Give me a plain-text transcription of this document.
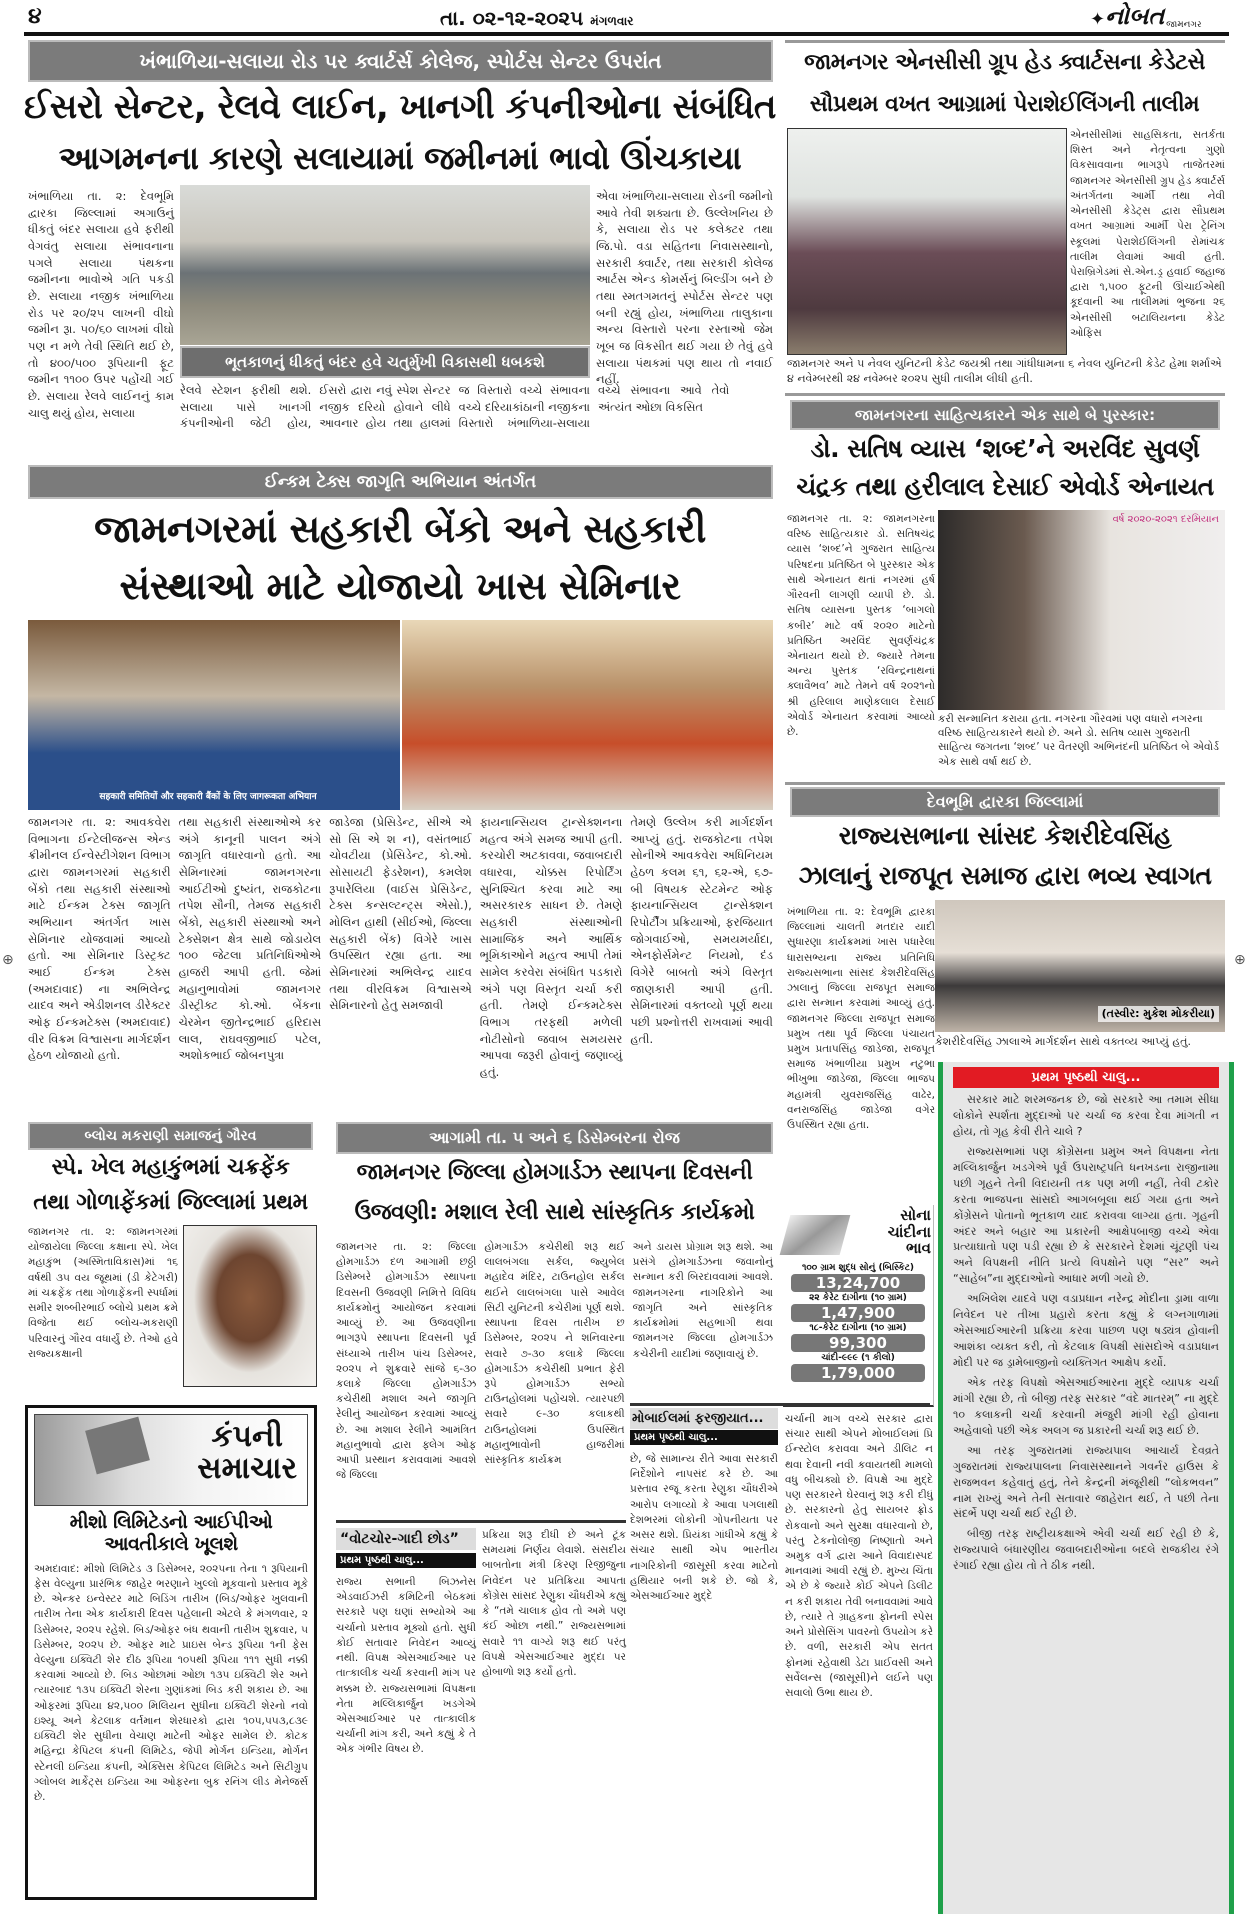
૪	તા. ૦૨-૧૨-૨૦૨૫ મંગળવાર	✦ નોબત જામનગર
ખંભાળિયા-સલાયા રોડ પર ક્વાર્ટર્સ કોલેજ, સ્પોર્ટસ સેન્ટર ઉપરાંત
ઈસરો સેન્ટર, રેલવે લાઈન, ખાનગી કંપનીઓના સંબંધિત
આગમનના કારણે સલાયામાં જમીનમાં ભાવો ઊંચકાયા
ખંભાળિયા તા. ૨: દેવભૂમિ દ્વારકા જિલ્લામાં અગાઉનું ધીકતું બંદર સલાયા હવે ફરીથી વેગવંતુ સલાયા સંભાવનાના પગલે સલાયા પંથકના જમીનના ભાવોએ ગતિ પકડી છે. સલાયા નજીક ખંભાળિયા રોડ પર ૨૦/૨૫ લાખની વીઘો જમીન રૂા. ૫૦/૬૦ લાખમાં વીઘો પણ ન મળે તેવી સ્થિતિ થઈ છે, તો ૪૦૦/૫૦૦ રૂપિયાની ફૂટ જમીન ૧૧૦૦ ઉપર પહોંચી ગઈ છે. સલાયા રેલવે લાઈનનું કામ ચાલુ થયું હોય, સલાયા
ભૂતકાળનું ધીકતું બંદર હવે ચતુર્મુખી વિકાસથી ધબકશે
રેલવે સ્ટેશન ફરીથી થશે. સલાયા પાસે ખાનગી કંપનીઓની જેટી હોય, ઈસરો દ્વારા નવું સ્પેશ સેન્ટર નજીક દરિયો હોવાને લીધે આવનાર હોય તથા હાલમાં જ વિસ્તારો વચ્ચે સંભાવના વચ્ચે દરિયાકાંઠાની નજીકના વિસ્તારો ખંભાળિયા-સલાયા વચ્ચે સંભાવના આવે તેવો અંત્યંત ઓછા વિકસિત
એવા ખંભાળિયા-સલાયા રોડની જમીનો આવે તેવી શક્યતા છે. ઉલ્લેખનિય છે કે, સલાયા રોડ પર કલેક્ટર તથા જિ.પો. વડા સહિતના નિવાસસ્થાનો, સરકારી ક્વાર્ટર, તથા સરકારી કોલેજ આર્ટસ એન્ડ કોમર્સનું બિલ્ડીંગ બને છે તથા સ્મતગમતનું સ્પોર્ટસ સેન્ટર પણ બની રહ્યું હોય, ખંભાળિયા તાલુકાના અન્ય વિસ્તારો પરના રસ્તાઓ જેમ ખૂબ જ વિકસીત થઈ ગયા છે તેવું હવે સલાયા પંથકમાં પણ થાય તો નવાઈ નહીં.
જામનગર એનસીસી ગ્રૂપ હેડ ક્વાર્ટસના કેડેટસે
સૌપ્રથમ વખત આગ્રામાં પેરાશેઈલિંગની તાલીમ
એનસીસીમાં સાહસિકતા, સતર્કતા શિસ્ત અને નેતૃત્વના ગુણો વિકસાવવાના ભાગરૂપે તાજેતરમાં જામનગર એનસીસી ગ્રુપ હેડ ક્વાર્ટર્સ અંતર્ગતના આર્મી તથા નેવી એનસીસી કેડેટ્સ દ્વારા સૌપ્રથમ વખત આગ્રામાં આર્મી પેરા ટ્રેનિંગ સ્કૂલમાં પેરાશેઈલિંગની રોમાંચક તાલીમ લેવામાં આવી હતી. પેરાબ્રિગેડમાં સે.એન.ડ્ર હવાઈ જહાજ દ્વારા ૧,૫૦૦ ફૂટની ઊંચાઈએથી કૂદવાની આ તાલીમમાં ભુજના ૨૬ એનસીસી બટાલિયનના કેડેટ ઓફિસ
જામનગર અને ૫ નેવલ યુનિટની કેડેટ જયશ્રી તથા ગાંધીધામના ૬ નેવલ યુનિટની કેડેટ હેમા શર્માએ ૪ નવેમ્બરથી ૨૪ નવેમ્બર ૨૦૨૫ સુધી તાલીમ લીધી હતી.
જામનગરના સાહિત્યકારને એક સાથે બે પુરસ્કાર:
ડો. સતિષ વ્યાસ ‘શબ્દ’ને અરવિંદ સુવર્ણ
ચંદ્રક તથા હરીલાલ દેસાઈ એવોર્ડ એનાયત
જામનગર તા. ૨: જામનગરના વરિષ્ઠ સાહિત્યકાર ડો. સતિષચંદ્ર વ્યાસ ‘શબ્દ’ને ગુજરાત સાહિત્ય પરિષદના પ્રતિષ્ઠિત બે પુરસ્કાર એક સાથે એનાયત થતાં નગરમાં હર્ષ ગૌરવની લાગણી વ્યાપી છે. ડો. સતિષ વ્યાસના પુસ્તક ‘બાગલો કબીર’ માટે વર્ષ ૨૦૨૦ માટેનો પ્રતિષ્ઠિત અરવિંદ સુવર્ણચંદ્રક એનાયત થયો છે. જ્યારે તેમના અન્ય પુસ્તક ‘રવિન્દ્રનાથનાં ક્લાવૈભવ’ માટે તેમને વર્ષ ૨૦૨૧નો શ્રી હરિલાલ માણેકલાલ દેસાઈ એવોર્ડ એનાયત કરવામાં આવ્યો છે.
વર્ષ ૨૦૨૦-૨૦૨૧ દરમિયાન
કરી સન્માનિત કરાયા હતા. નગરના ગૌરવમાં પણ વધારો નગરના વરિષ્ઠ સાહિત્યકારને થયો છે. અને ડો. સતિષ વ્યાસ ગુજરાતી સાહિત્ય જગતના ‘શબ્દ’ પર વૈતરણી અભિનંદની પ્રતિષ્ઠિત બે એવોર્ડ એક સાથે વર્ષા થઈ છે.
ઈન્કમ ટેક્સ જાગૃતિ અભિયાન અંતર્ગત
જામનગરમાં સહકારી બેંકો અને સહકારી
સંસ્થાઓ માટે યોજાયો ખાસ સેમિનાર
सहकारी समितियों और सहकारी बैंकों के लिए जागरूकता अभियान
જામનગર તા. ૨: આવકવેરા વિભાગના ઈન્ટેલીજન્સ એન્ડ ક્રીમીનલ ઈન્વેસ્ટીગેશન વિભાગ દ્વારા જામનગરમાં સહકારી બેંકો તથા સહકારી સંસ્થાઓ માટે ઈન્કમ ટેક્સ જાગૃતિ અભિયાન અંતર્ગત ખાસ સેમિનાર યોજવામાં આવ્યો હતો. આ સેમિનાર ડિસ્ટ્રક્ટ આઈ ઈન્કમ ટેક્સ (અમદાવાદ) ના અભિલેન્દ્ર યાદવ અને એડીશનલ ડીરેક્ટર ઓફ ઈન્કમટેક્સ (અમદાવાદ) વીર વિક્રમ વિશ્વાસના માર્ગદર્શન હેઠળ યોજાયો હતો.
તથા સહકારી સંસ્થાઓએ કર અંગે કાનૂની પાલન અંગે જાગૃતિ વધારવાનો હતો. આ સેમિનારમાં જામનગરના આઈટીઓ દુષ્યંત, રાજકોટના તપેશ સૌની, તેમજ સહકારી બેંકો, સહકારી સંસ્થાઓ અને ટેક્સેશન ક્ષેત્ર સાથે જોડાયેલ ૧૦૦ જેટલા પ્રતિનિધિઓએ હાજરી આપી હતી. જેમાં મહાનુભાવોમાં જામનગર ડીસ્ટ્રીક્ટ કો.ઓ. બેંકના ચેરમેન જીતેન્દ્રભાઈ હરિદાસ લાલ, રાઘવજીભાઈ પટેલ, અશોકભાઈ જોબનપુત્રા
જાડેજા (પ્રેસિડેન્ટ, સીએ એ સો સિ એ શ ન), વસંતભાઈ ચોવટીયા (પ્રેસિડેન્ટ, કો.ઓ. સોસાયટી ફેડરેશન), કમલેશ રૂપારેલિયા (વાઈસ પ્રેસિડેન્ટ, ટેક્સ કન્સલ્ટન્ટ્સ એસો.), મોલિન હાથી (સીઈઓ, જિલ્લા સહકારી બેંક) વિગેરે ખાસ ઉપસ્થિત રહ્યા હતા. આ સેમિનારમાં અભિલેન્દ્ર યાદવ તથા વીરવિક્રમ વિશ્વાસએ સેમિનારનો હેતુ સમજાવી
ફાયનાન્સિયલ ટ્રાન્સેક્શનના મહત્વ અંગે સમજ આપી હતી. કરચોરી અટકાવવા, જવાબદારી વધારવા, ચોક્કસ રિપોર્ટિંગ સુનિશ્ચિત કરવા માટે આ અસરકારક સાધન છે. તેમણે સહકારી સંસ્થાઓની સામાજિક અને આર્થિક ભૂમિકાઓને મહત્વ આપી તેમાં સામેલ કરવેરા સંબંધિત પડકારો અંગે પણ વિસ્તૃત ચર્ચા કરી હતી. તેમણે ઈન્કમટેક્સ વિભાગ તરફથી મળેલી નોટીસોનો જવાબ સમયસર આપવા જરૂરી હોવાનું જણાવ્યું હતું.
તેમણે ઉલ્લેખ કરી માર્ગદર્શન આપ્યું હતું. રાજકોટના તપેશ સોનીએ આવકવેરા અધિનિયમ હેઠળ કલમ ૬૧, ૬૨-એ, ૬૭-બી વિષયક સ્ટેટમેન્ટ ઓફ ફાયનાન્સિયલ ટ્રાન્સેક્શન રિપોર્ટીંગ પ્રક્રિયાઓ, ફરજિયાત જોગવાઈઓ, સમયમર્યાદા, એનફોર્સમેન્ટ નિયમો, દંડ વિગેરે બાબતો અંગે વિસ્તૃત જાણકારી આપી હતી. સેમિનારમાં વક્તવ્યો પૂર્ણ થયા પછી પ્રશ્નોત્તરી રાખવામાં આવી હતી.
દેવભૂમિ દ્વારકા જિલ્લામાં
રાજ્યસભાના સાંસદ કેશરીદેવસિંહ
ઝાલાનું રાજપૂત સમાજ દ્વારા ભવ્ય સ્વાગત
ખંભાળિયા તા. ૨: દેવભૂમિ દ્વારકા જિલ્લામાં ચાલતી મતદાર યાદી સુધારણા કાર્યક્રમમાં ખાસ પધારેલા ધારાસભ્યના રાજ્ય પ્રતિનિધિ રાજ્યસભાના સાંસદ કેશરીદેવસિંહ ઝાલાનું જિલ્લા રાજપૂત સમાજ દ્વારા સન્માન કરવામાં આવ્યું હતું. જામનગર જિલ્લા રાજપૂત સમાજ પ્રમુખ તથા પૂર્વ જિલ્લા પંચાયત પ્રમુખ પ્રતાપસિંહ જાડેજા, રાજપૂત સમાજ ખંભાળીયા પ્રમુખ નટુભા ભીખુભા જાડેજા, જિલ્લા ભાજપ મહામંત્રી યુવરાજસિંહ વાઢેર, વનરાજસિંહ જાડેજા વગેર ઉપસ્થિત રહ્યા હતા.
(તસ્વીર: મુકેશ મોકરીયા)
કેશરીદેવસિંહ ઝાલાએ માર્ગદર્શન સાથે વક્તવ્ય આપ્યું હતું.
પ્રથમ પૃષ્ઠથી ચાલુ...

સરકાર માટે શરમજનક છે, જો સરકારે આ તમામ સીધા લોકોને સ્પર્શતા મુદ્દાઓ પર ચર્ચા જ કરવા દેવા માંગતી ન હોય, તો ગૃહ કેવી રીતે ચાલે ?

રાજ્યસભામાં પણ કોંગ્રેસના પ્રમુખ અને વિપક્ષના નેતા મલ્લિકાર્જુન ખડગેએ પૂર્વ ઉપરાષ્ટ્રપતિ ધનખડના રાજીનામા પછી ગૃહને તેની વિદાયની તક પણ મળી નહીં, તેવી ટકોર કરતા ભાજપના સાંસદો આગબબૂલા થઈ ગયા હતા અને કોંગ્રેસને પોતાનો ભૂતકાળ યાદ કરાવવા લાગ્યા હતા. ગૃહની અંદર અને બહાર આ પ્રકારની આક્ષેપબાજી વચ્ચે એવા પ્રત્યાઘાતો પણ પડી રહ્યા છે કે સરકારને દેશમાં ચૂંટણી પંચ અને વિપક્ષની નીતિ પ્રત્યે વિપક્ષોને પણ “સર” અને “સાહેબ”ના મુદ્દાઓનો આધાર મળી ગયો છે.

અખિલેશ યાદવે પણ વડાપ્રધાન નરેન્દ્ર મોદીના ડ્રામા વાળા નિવેદન પર તીખા પ્રહારો કરતા કહ્યું કે લગ્નગાળામાં એસઆઈઆરની પ્રક્રિયા કરવા પાછળ પણ ષડ્યંત્ર હોવાની આશંકા વ્યક્ત કરી, તો કેટલાક વિપક્ષી સાંસદોએ વડાપ્રધાન મોદી પર જ ડ્રામેબાજીનો વ્યક્તિગત આક્ષેપ કર્યો.

એક તરફ વિપક્ષો એસઆઈઆરના મુદ્દે વ્યાપક ચર્ચા માંગી રહ્યા છે, તો બીજી તરફ સરકાર “વંદે માતરમ્” ના મુદ્દે ૧૦ કલાકની ચર્ચા કરવાની મંજુરી માંગી રહી હોવાના અહેવાલો પછી એક અલગ જ પ્રકારની ચર્ચા શરૂ થઈ છે.

આ તરફ ગુજરાતમાં રાજ્યપાલ આચાર્ય દેવવ્રતે ગુજરાતમાં રાજ્યપાલના નિવાસસ્થાનને ગવર્નર હાઉસ કે રાજભવન કહેવાતું હતું, તેને કેન્દ્રની મંજૂરીથી “લોકભવન” નામ રાખ્યું અને તેની સતાવાર જાહેરાત થઈ, તે પછી તેના સંદર્ભે પણ ચર્ચા થઈ રહી છે.

બીજી તરફ રાષ્ટ્રીયકક્ષાએ એવી ચર્ચા થઈ રહી છે કે, રાજ્યપાલે બંધારણીય જવાબદારીઓના બદલે રાજકીય રંગે રંગાઈ રહ્યા હોય તો તે ઠીક નથી.

સોના
ચાંદીના
ભાવ
૧૦૦ ગ્રામ શુદ્ધ સોનું (બિસ્કિટ)
13,24,700
૨૨ કેરેટ દાગીના (૧૦ ગ્રામ)
1,47,900
૧૮-કેરેટ દાગીના (૧૦ ગ્રામ)
99,300
ચાંદી-૯૯૯ (૧ કીલો)
1,79,000
બ્લોચ મકરાણી સમાજનું ગૌરવ
સ્પે. ખેલ મહાકુંભમાં ચક્રફેંક
તથા ગોળાફેંકમાં જિલ્લામાં પ્રથમ
જામનગર તા. ૨: જામનગરમાં યોજાયેલા જિલ્લા કક્ષાના સ્પે. ખેલ મહાકુંભ (અસ્મિતાવિકાસ)માં ૧૬ વર્ષથી ૩૫ વય જૂથમાં (ડી કેટેગરી) માં ચક્રફેંક તથા ગોળાફેંકની સ્પર્ધામાં સમીર શબ્બીરભાઈ બ્લોચે પ્રથમ ક્રમે વિજેતા થઈ બ્લોચ-મકરાણી પરિવારનું ગૌરવ વધાર્યું છે. તેઓ હવે રાજ્યકક્ષાની
આગામી તા. ૫ અને ૬ ડિસેમ્બરના રોજ
જામનગર જિલ્લા હોમગાર્ડઝ સ્થાપના દિવસની
ઉજવણી: મશાલ રેલી સાથે સાંસ્કૃતિક કાર્યક્રમો
જામનગર તા. ૨: જિલ્લા હોમગાર્ડઝ દળ આગામી છઠ્ઠી ડિસેમ્બરે હોમગાર્ડઝ સ્થાપના દિવસની ઉજવણી નિમિત્તે વિવિધ કાર્યક્રમોનું આયોજન કરવામાં આવ્યું છે. આ ઉજવણીના ભાગરૂપે સ્થાપના દિવસની પૂર્વ સંધ્યાએ તારીખ પાંચ ડિસેમ્બર, ૨૦૨૫ ને શુક્રવારે સાંજે ૬-૩૦ કલાકે જિલ્લા હોમગાર્ડઝ કચેરીથી મશાલ અને જાગૃતિ રેલીનું આયોજન કરવામાં આવ્યું છે. આ મશાલ રેલીને આમંત્રિત મહાનુભાવો દ્વારા ફ્લેગ ઓફ આપી પ્રસ્થાન કરાવવામાં આવશે જે જિલ્લા
હોમગાર્ડઝ કચેરીથી શરૂ થઈ લાલબંગલા સર્કલ, જ્યુબેલ મહાદેવ મંદિર, ટાઉનહોલ સર્કલ થઈને લાલબંગલા પાસે આવેલ સિટી યુનિટની કચેરીમાં પૂર્ણ થશે. સ્થાપના દિવસ તારીખ છ ડિસેમ્બર, ૨૦૨૫ ને શનિવારના સવારે ૭-૩૦ કલાકે જિલ્લા હોમગાર્ડઝ કચેરીથી પ્રભાત ફેરી રૂપે હોમગાર્ડઝ સભ્યો ટાઉનહોલમાં પહોંચશે. ત્યારપછી સવારે ૯-૩૦ કલાકથી ટાઉનહોલમાં ઉપસ્થિત મહાનુભાવોની હાજરીમાં સાંસ્કૃતિક કાર્યક્રમ
અને ડાયસ પ્રોગ્રામ શરૂ થશે. આ પ્રસંગે હોમગાર્ડઝના જવાનોનું સન્માન કરી બિરદાવવામાં આવશે. જામનગરના નાગરિકોને આ જાગૃતિ અને સાંસ્કૃતિક કાર્યક્રમોમાં સહભાગી થવા જામનગર જિલ્લા હોમગાર્ડઝ કચેરીની યાદીમાં જણાવાયું છે.
કંપની
સમાચાર
મીશો લિમિટેડનો આઈપીઓ આવતીકાલે ખૂલશે
અમદાવાદ: મીશો લિમિટેડ ૩ ડિસેમ્બર, ૨૦૨૫ના તેના ૧ રૂપિયાની ફેસ વેલ્યુના પ્રારંભિક જાહેર ભરણાને ખુલ્લો મૂકવાનો પ્રસ્તાવ મૂકે છે. એન્કર ઇન્વેસ્ટર માટે બિડિંગ તારીખ (બિડ/ઓફર ખુલવાની તારીખ તેના એક કાર્યકારી દિવસ પહેલાની એટલે કે મંગળવાર, ૨ ડિસેમ્બર, ૨૦૨૫ રહેશે. બિડ/ઓફર બંધ થવાની તારીખ શુક્રવાર, ૫ ડિસેમ્બર, ૨૦૨૫ છે. ઓફર માટે પ્રાઇસ બેન્ડ રૂપિયા ૧ની ફેસ વેલ્યુના ઇક્વિટી શેર દીઠ રૂપિયા ૧૦૫થી રૂપિયા ૧૧૧ સુધી નક્કી કરવામાં આવ્યો છે. બિડ ઓછામાં ઓછા ૧૩૫ ઇક્વિટી શેર અને ત્યારબાદ ૧૩૫ ઇક્વિટી શેરના ગુણાંકમાં બિડ કરી શકાય છે. આ ઓફરમાં રૂપિયા ૪૨,૫૦૦ મિલિયન સુધીના ઇક્વિટી શેરનો નવો ઇશ્યૂ અને કેટલાક વર્તમાન શેરધારકો દ્વારા ૧૦૫,૫૫૩,૮૩૯ ઇક્વિટી શેર સુધીના વેચાણ માટેની ઓફર સામેલ છે. કોટક મહિન્દ્રા કેપિટલ કંપની લિમિટેડ, જેપી મોર્ગન ઇન્ડિયા, મોર્ગન સ્ટેનલી ઇન્ડિયા કંપની, એક્સિસ કેપિટલ લિમિટેડ અને સિટીગ્રુપ ગ્લોબલ માર્કેટ્સ ઇન્ડિયા આ ઓફરના બુક રનિંગ લીડ મેનેજર્સ છે.
“વોટચોર-ગાદી છોડ”
પ્રથમ પૃષ્ઠથી ચાલુ...
રાજ્ય સભાની બિઝનેસ એડવાઈઝરી કમિટિની બેઠકમાં સરકારે પણ ઘણાં સભ્યોએ આ ચર્ચાનો પ્રસ્તાવ મૂક્યો હતો. સુધી કોઈ સતાવાર નિવેદન આવ્યું નથી. વિપક્ષ એસઆઈઆર પર તાત્કાલીક ચર્ચા કરવાની માંગ પર મક્કમ છે. રાજ્યસભામાં વિપક્ષના નેતા મલ્લિકાર્જુન ખડગેએ એસઆઈઆર પર તાત્કાલીક ચર્ચાની માંગ કરી, અને કહ્યું કે તે એક ગંભીર વિષય છે.
પ્રક્રિયા શરૂ દીધી છે અને ટૂંક સમયમાં નિર્ણય લેવાશે. સંસદીય બાબતોના મંત્રી કિરણ રિજીજુના નિવેદન પર પ્રતિક્રિયા આપતા કોંગ્રેસ સાંસદ રેણુકા ચૌધરીએ કહ્યું કે “તમે ચાલાક હોવ તો અમે પણ કંઈ ઓછા નથી.” રાજ્યસભામાં સવારે ૧૧ વાગ્યે શરૂ થઈ પરંતુ વિપક્ષે એસઆઈઆર મુદ્દા પર હોબાળો શરૂ કર્યો હતો.
મોબાઈલમાં ફરજીયાત...
પ્રથમ પૃષ્ઠથી ચાલુ...
છે, જે સામાન્ય રીતે આવા સરકારી નિર્દેશોને નાપસંદ કરે છે. આ પ્રસ્તાવ રજૂ કરતા રેણુકા ચૌધરીએ આરોપ લગાવ્યો કે આવા પગલાથી દેશભરમાં લોકોની ગોપનીયતા પર અસર થશે. પ્રિયંકા ગાંધીએ કહ્યું કે સંચાર સાથી એપ ભારતીય નાગરિકોની જાસૂસી કરવા માટેનો હથિયાર બની શકે છે. જો કે, એસઆઈઆર મુદ્દે
ચર્ચાની માગ વચ્ચે સરકાર દ્વારા સંચાર સાથી એપને મોબાઈલમાં પ્રિ ઈન્સ્ટોલ કરાવવા અને ડીલિટ ન થવા દેવાની નવી કવાયતથી મામલો વધુ બીચક્યો છે. વિપક્ષે આ મુદ્દે પણ સરકારને ઘેરવાનું શરૂ કરી દીધું છે. સરકારનો હેતુ સાયબર ફ્રોડ રોકવાનો અને સુરક્ષા વધારવાનો છે, પરંતુ ટેકનોલોજી નિષ્ણાતો અને અમુક વર્ગ દ્વારા આને વિવાદાસ્પદ માનવામાં આવી રહ્યું છે. મુખ્ય ચિંતા એ છે કે જ્યારે કોઈ એપને ડિલીટ ન કરી શકાય તેવી બનાવવામાં આવે છે, ત્યારે તે ગ્રાહકના ફોનની સ્પેસ અને પ્રોસેસિંગ પાવરનો ઉપયોગ કરે છે. વળી, સરકારી એપ સતત ફોનમાં રહેવાથી ડેટા પ્રાઈવસી અને સર્વેલન્સ (જાસૂસી)ને લઈને પણ સવાલો ઉભા થાય છે.
⊕	⊕
